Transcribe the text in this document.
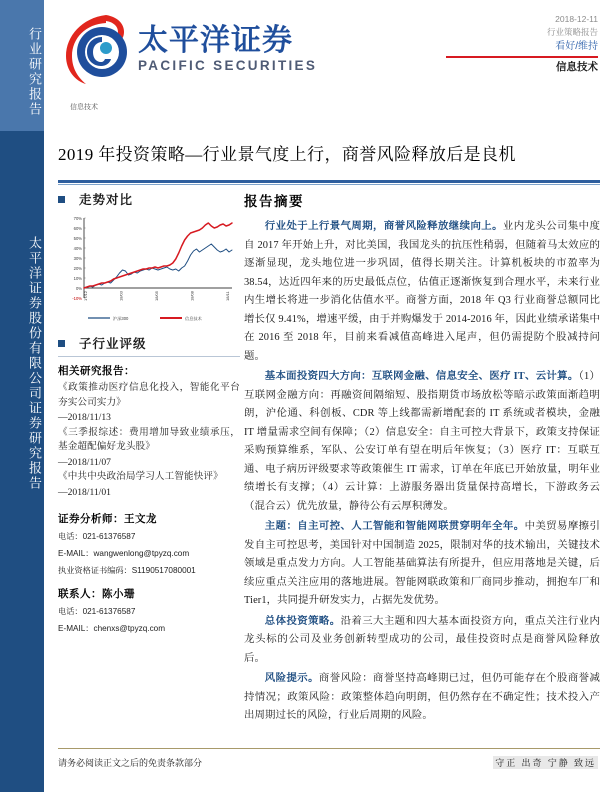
行业研究报告
太平洋证券股份有限公司证券研究报告
太平洋证券
PACIFIC SECURITIES
2018-12-11
行业策略报告
看好/维持
信息技术
信息技术
2019 年投资策略—行业景气度上行，商誉风险释放后是良机
走势对比
-10%
0%
10%
20%
30%
40%
50%
60%
70%
17/12	18/03	18/05	18/08	18/11
沪深300	信息技术
子行业评级
相关研究报告：
《政策推动医疗信息化投入，智能化平台夯实公司实力》
—2018/11/13
《三季报综述：费用增加导致业绩承压，基金超配偏好龙头股》
—2018/11/07
《中共中央政治局学习人工智能快评》
—2018/11/01
证券分析师：王文龙
电话：021-61376587
E-MAIL：wangwenlong@tpyzq.com
执业资格证书编码：S1190517080001
联系人：陈小珊
电话：021-61376587
E-MAIL：chenxs@tpyzq.com
报告摘要

行业处于上行景气周期，商誉风险释放继续向上。业内龙头公司集中度自 2017 年开始上升，对比美国，我国龙头的抗压性稍弱，但随着马太效应的逐渐显现，龙头地位进一步巩固，值得长期关注。计算机板块的市盈率为 38.54，达近四年来的历史最低点位，估值正逐渐恢复到合理水平，未来行业内生增长将进一步消化估值水平。商誉方面，2018 年 Q3 行业商誉总额同比增长仅 9.41%，增速平缓，由于并购爆发于 2014-2016 年，因此业绩承诺集中在 2016 至 2018 年，目前来看减值高峰进入尾声，但仍需提防个股减持问题。

基本面投资四大方向：互联网金融、信息安全、医疗 IT、云计算。（1）互联网金融方向：再融资间隔缩短、股指期货市场放松等暗示政策面渐趋明朗，沪伦通、科创板、CDR 等上线都需新增配套的 IT 系统或者模块，金融 IT 增量需求空间有保障；（2）信息安全：自主可控大背景下，政策支持保证采购预算维系，军队、公安订单有望在明后年恢复；（3）医疗 IT：互联互通、电子病历评级要求等政策催生 IT 需求，订单在年底已开始放量，明年业绩增长有支撑；（4）云计算：上游服务器出货量保持高增长，下游政务云（混合云）优先放量，静待公有云厚积薄发。

主题：自主可控、人工智能和智能网联贯穿明年全年。中美贸易摩擦引发自主可控思考，美国针对中国制造 2025，限制对华的技术输出，关键技术领域是重点发力方向。人工智能基础算法有所提升，但应用落地是关键，后续应重点关注应用的落地进展。智能网联政策和厂商同步推动，拥抱车厂和 Tier1，共同提升研发实力，占据先发优势。

总体投资策略。沿着三大主题和四大基本面投资方向，重点关注行业内龙头标的公司及业务创新转型成功的公司，最佳投资时点是商誉风险释放后。

风险提示。商誉风险：商誉坚持高峰期已过，但仍可能存在个股商誉减持情况；政策风险：政策整体趋向明朗，但仍然存在不确定性；技术投入产出周期过长的风险，行业后周期的风险。

请务必阅读正文之后的免责条款部分	守正 出奇 宁静 致远
